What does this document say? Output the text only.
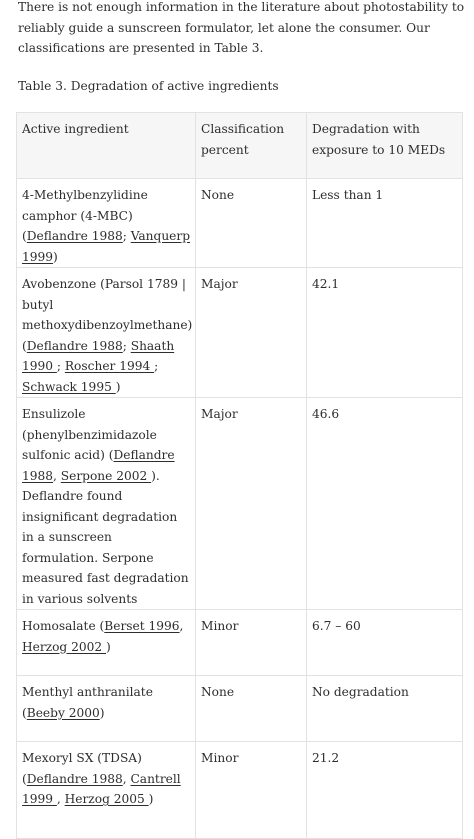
There is not enough information in the literature about photostability to reliably guide a sunscreen formulator, let alone the consumer. Our classifications are presented in Table 3.

Table 3. Degradation of active ingredients
Active ingredient	Classification percent	Degradation with exposure to 10 MEDs
4-Methylbenzylidine camphor (4-MBC) (Deflandre 1988; Vanquerp 1999)	None	Less than 1
Avobenzone (Parsol 1789 | butyl methoxydibenzoylmethane) (Deflandre 1988; Shaath 1990 ; Roscher 1994 ; Schwack 1995 )	Major	42.1
Ensulizole (phenylbenzimidazole sulfonic acid) (Deflandre 1988, Serpone 2002 ). Deflandre found insignificant degradation in a sunscreen formulation. Serpone measured fast degradation in various solvents	Major	46.6
Homosalate (Berset 1996, Herzog 2002 )	Minor	6.7 – 60
Menthyl anthranilate (Beeby 2000)	None	No degradation
Mexoryl SX (TDSA) (Deflandre 1988, Cantrell 1999 , Herzog 2005 )	Minor	21.2
